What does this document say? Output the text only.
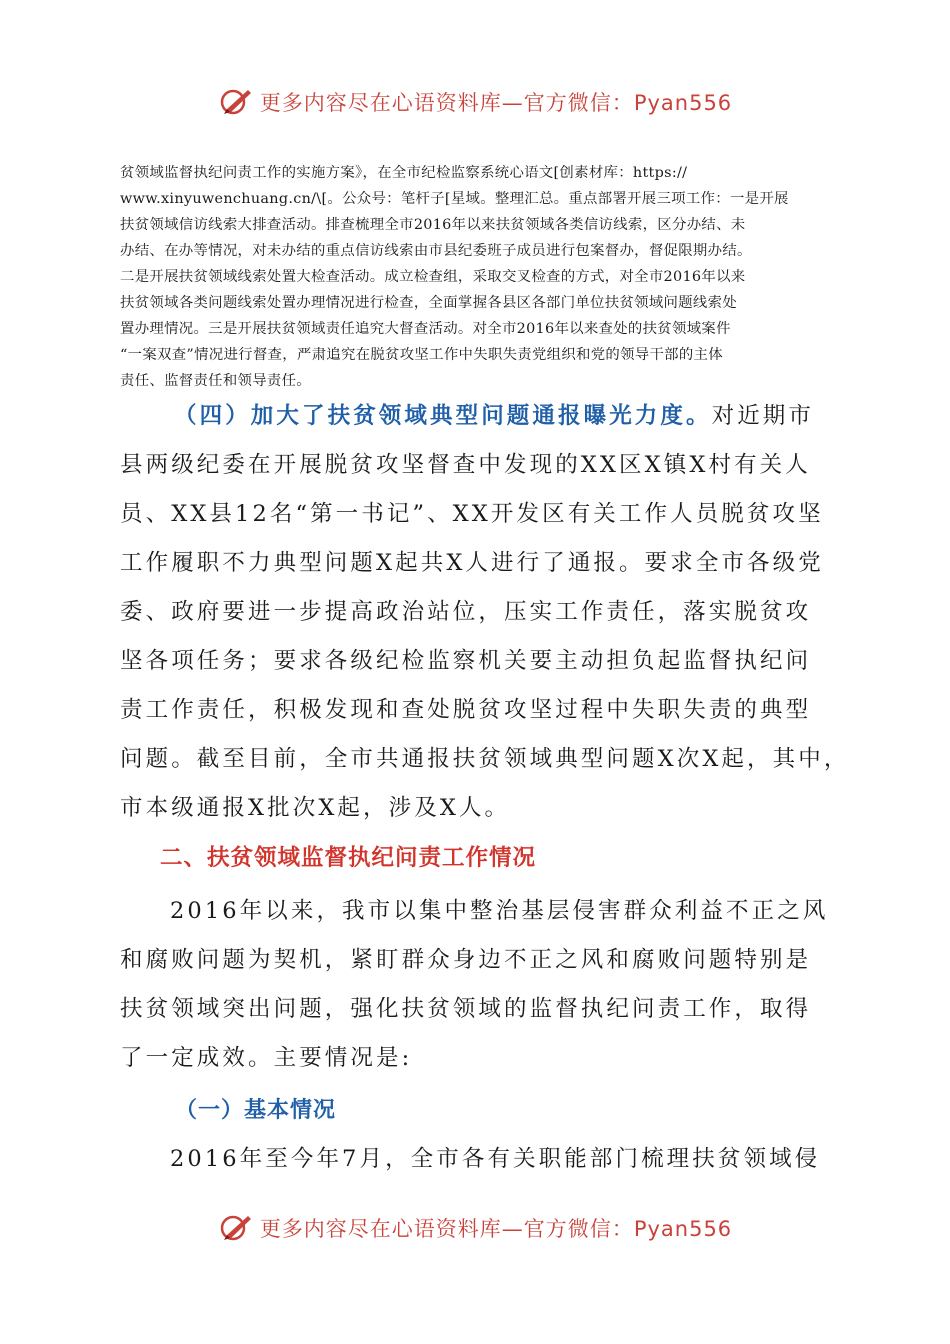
更多内容尽在心语资料库—官方微信：Pyan556
贫领域监督执纪问责工作的实施方案》，在全市纪检监察系统心语文[创素材库：https://
www.xinyuwenchuang.cn/\[。公众号：笔杆子[星域。整理汇总。重点部署开展三项工作：一是开展
扶贫领域信访线索大排查活动。排查梳理全市2016年以来扶贫领域各类信访线索，区分办结、未
办结、在办等情况，对未办结的重点信访线索由市县纪委班子成员进行包案督办，督促限期办结。
二是开展扶贫领域线索处置大检查活动。成立检查组，采取交叉检查的方式，对全市2016年以来
扶贫领域各类问题线索处置办理情况进行检查，全面掌握各县区各部门单位扶贫领域问题线索处
置办理情况。三是开展扶贫领域责任追究大督查活动。对全市2016年以来查处的扶贫领域案件
“一案双查”情况进行督查，严肃追究在脱贫攻坚工作中失职失责党组织和党的领导干部的主体
责任、监督责任和领导责任。
（四）加大了扶贫领域典型问题通报曝光力度。对近期市
县两级纪委在开展脱贫攻坚督查中发现的XX区X镇X村有关人
员、XX县12名“第一书记”、XX开发区有关工作人员脱贫攻坚
工作履职不力典型问题X起共X人进行了通报。要求全市各级党
委、政府要进一步提高政治站位，压实工作责任，落实脱贫攻
坚各项任务；要求各级纪检监察机关要主动担负起监督执纪问
责工作责任，积极发现和查处脱贫攻坚过程中失职失责的典型
问题。截至目前，全市共通报扶贫领域典型问题X次X起，其中，
市本级通报X批次X起，涉及X人。
二、扶贫领域监督执纪问责工作情况
2016年以来，我市以集中整治基层侵害群众利益不正之风
和腐败问题为契机，紧盯群众身边不正之风和腐败问题特别是
扶贫领域突出问题，强化扶贫领域的监督执纪问责工作，取得
了一定成效。主要情况是:
（一）基本情况
2016年至今年7月，全市各有关职能部门梳理扶贫领域侵
更多内容尽在心语资料库—官方微信：Pyan556
